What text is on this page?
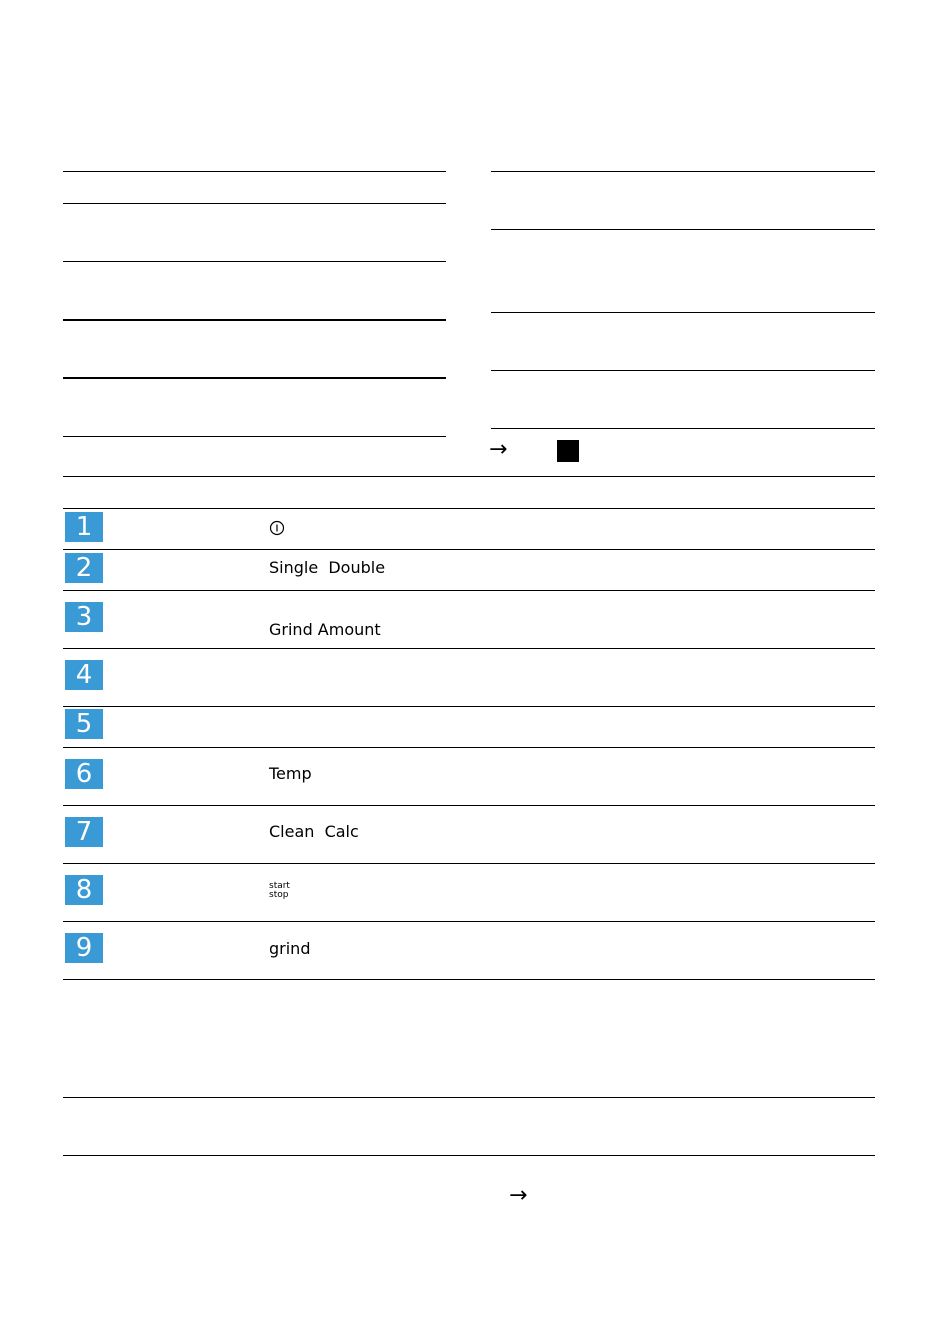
→
1
2
3
4
5
6
7
8
9
Single  Double
Grind Amount
Temp
Clean  Calc
start
stop
grind
→
